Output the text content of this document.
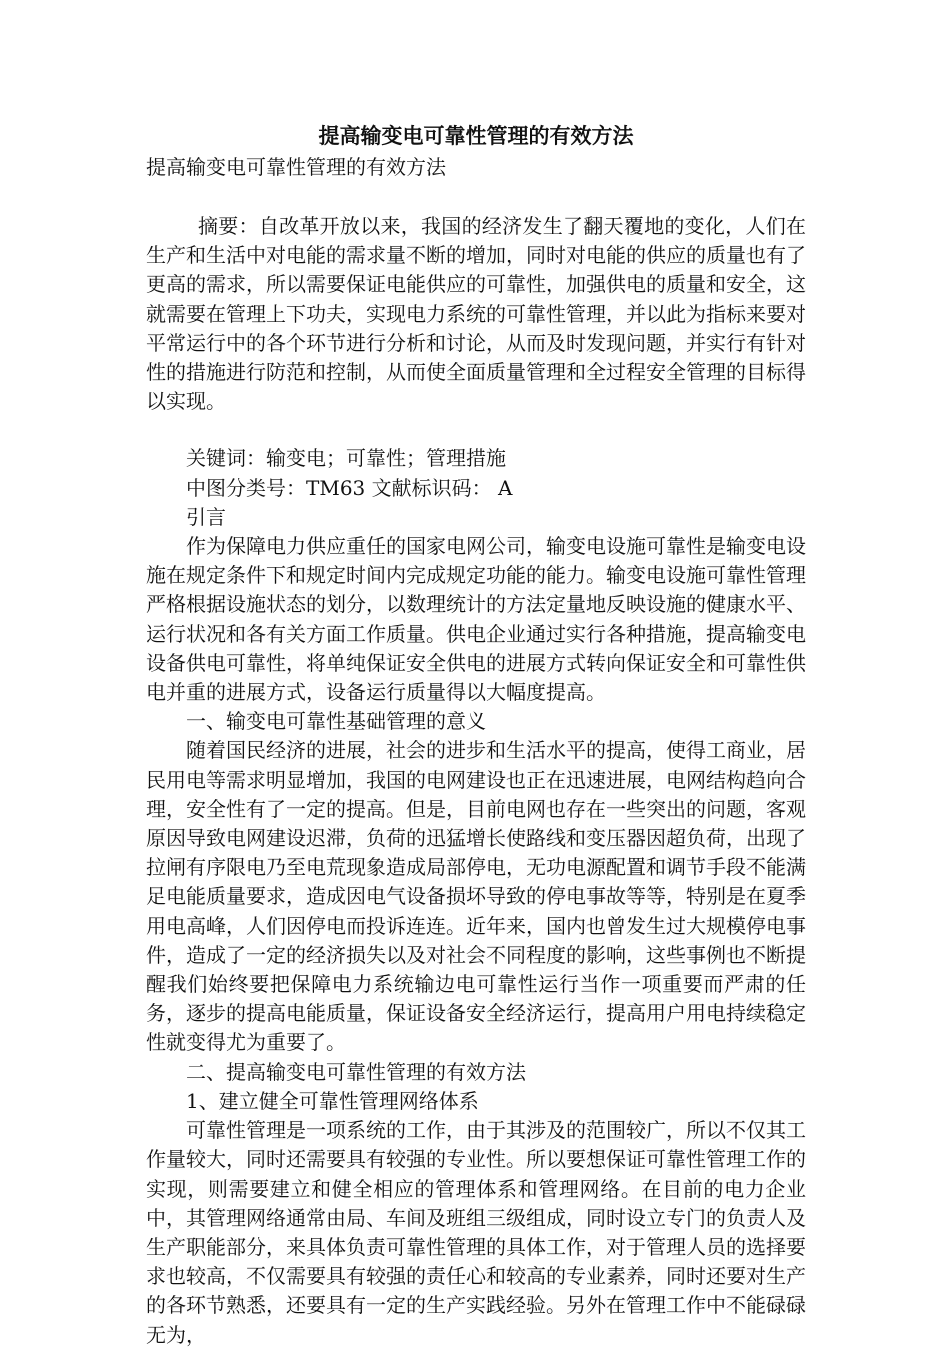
提高输变电可靠性管理的有效方法

提高输变电可靠性管理的有效方法

摘要：自改革开放以来，我国的经济发生了翻天覆地的变化，人们在生产和生活中对电能的需求量不断的增加，同时对电能的供应的质量也有了更高的需求，所以需要保证电能供应的可靠性，加强供电的质量和安全，这就需要在管理上下功夫，实现电力系统的可靠性管理，并以此为指标来要对平常运行中的各个环节进行分析和讨论，从而及时发现问题，并实行有针对性的措施进行防范和控制，从而使全面质量管理和全过程安全管理的目标得以实现。

关键词：输变电；可靠性；管理措施

中图分类号：TM63 文献标识码： A

引言

作为保障电力供应重任的国家电网公司，输变电设施可靠性是输变电设施在规定条件下和规定时间内完成规定功能的能力。输变电设施可靠性管理严格根据设施状态的划分，以数理统计的方法定量地反映设施的健康水平、运行状况和各有关方面工作质量。供电企业通过实行各种措施，提高输变电设备供电可靠性，将单纯保证安全供电的进展方式转向保证安全和可靠性供电并重的进展方式，设备运行质量得以大幅度提高。

一、输变电可靠性基础管理的意义

随着国民经济的进展，社会的进步和生活水平的提高，使得工商业，居民用电等需求明显增加，我国的电网建设也正在迅速进展，电网结构趋向合理，安全性有了一定的提高。但是，目前电网也存在一些突出的问题，客观原因导致电网建设迟滞，负荷的迅猛增长使路线和变压器因超负荷，出现了拉闸有序限电乃至电荒现象造成局部停电，无功电源配置和调节手段不能满足电能质量要求，造成因电气设备损坏导致的停电事故等等，特别是在夏季用电高峰，人们因停电而投诉连连。近年来，国内也曾发生过大规模停电事件，造成了一定的经济损失以及对社会不同程度的影响，这些事例也不断提醒我们始终要把保障电力系统输边电可靠性运行当作一项重要而严肃的任务，逐步的提高电能质量，保证设备安全经济运行，提高用户用电持续稳定性就变得尤为重要了。

二、提高输变电可靠性管理的有效方法

1、建立健全可靠性管理网络体系

可靠性管理是一项系统的工作，由于其涉及的范围较广，所以不仅其工作量较大，同时还需要具有较强的专业性。所以要想保证可靠性管理工作的实现，则需要建立和健全相应的管理体系和管理网络。在目前的电力企业中，其管理网络通常由局、车间及班组三级组成，同时设立专门的负责人及生产职能部分，来具体负责可靠性管理的具体工作，对于管理人员的选择要求也较高，不仅需要具有较强的责任心和较高的专业素养，同时还要对生产的各环节熟悉，还要具有一定的生产实践经验。另外在管理工作中不能碌碌无为，
